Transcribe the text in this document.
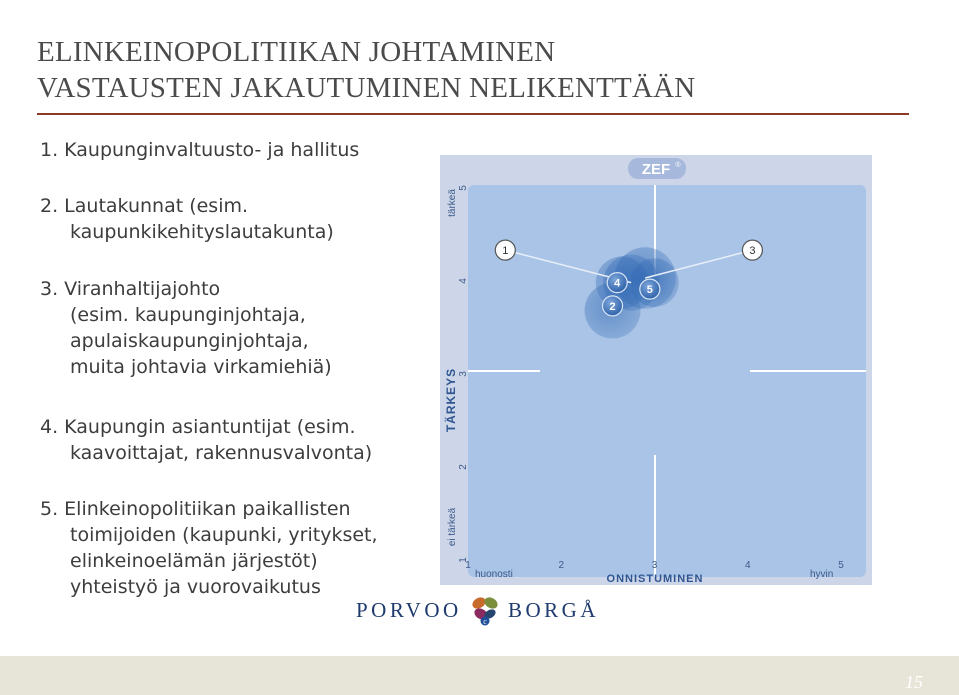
ELINKEINOPOLITIIKAN JOHTAMINEN
VASTAUSTEN JAKAUTUMINEN NELIKENTTÄÄN
1. Kaupunginvaltuusto- ja hallitus
2. Lautakunnat (esim.
kaupunkikehityslautakunta)
3. Viranhaltijajohto
(esim. kaupunginjohtaja,
apulaiskaupunginjohtaja,
muita johtavia virkamiehiä)
4. Kaupungin asiantuntijat (esim.
kaavoittajat, rakennusvalvonta)
5. Elinkeinopolitiikan paikallisten
toimijoiden (kaupunki, yritykset,
elinkeinoelämän järjestöt)
yhteistyö ja vuorovaikutus
ZEF ®
1
2
3
4
5
1	2	3	4	5
TÄRKEYS
tärkeä
ei tärkeä
ONNISTUMINEN
huonosti	hyvin
1
2
3
4
5
PORVOO	c BORGÅ
15
